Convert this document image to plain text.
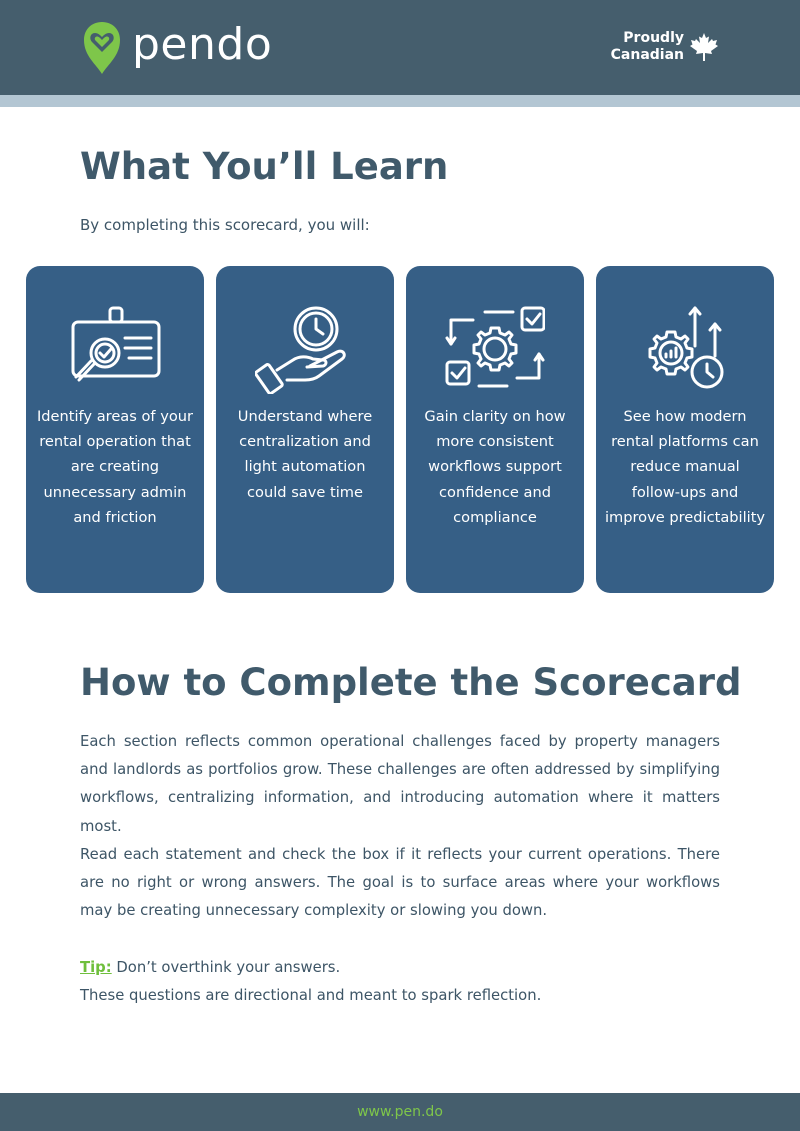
pendo	Proudly
Canadian
What You’ll Learn
By completing this scorecard, you will:
Identify areas of your rental operation that are creating unnecessary admin and friction
Understand where centralization and light automation could save time
Gain clarity on how more consistent workflows support confidence and compliance
See how modern rental platforms can reduce manual follow-ups and improve predictability
How to Complete the Scorecard

Each section reflects common operational challenges faced by property managers and landlords as portfolios grow. These challenges are often addressed by simplifying workflows, centralizing information, and introducing automation where it matters most.

Read each statement and check the box if it reflects your current operations. There are no right or wrong answers. The goal is to surface areas where your workflows may be creating unnecessary complexity or slowing you down.

Tip: Don’t overthink your answers.
These questions are directional and meant to spark reflection.
www.pen.do
